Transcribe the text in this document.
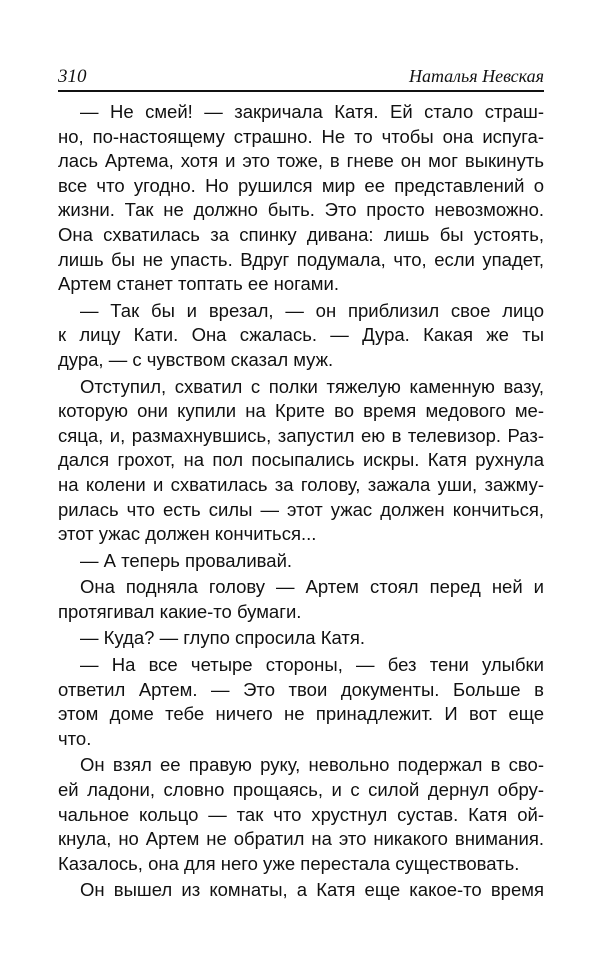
310	Наталья Невская
— Не смей! — закричала Катя. Ей стало страш-
но, по-настоящему страшно. Не то чтобы она испуга-
лась Артема, хотя и это тоже, в гневе он мог выкинуть
все что угодно. Но рушился мир ее представлений о
жизни. Так не должно быть. Это просто невозможно.
Она схватилась за спинку дивана: лишь бы устоять,
лишь бы не упасть. Вдруг подумала, что, если упадет,
Артем станет топтать ее ногами.
— Так бы и врезал, — он приблизил свое лицо
к лицу Кати. Она сжалась. — Дура. Какая же ты
дура, — с чувством сказал муж.
Отступил, схватил с полки тяжелую каменную вазу,
которую они купили на Крите во время медового ме-
сяца, и, размахнувшись, запустил ею в телевизор. Раз-
дался грохот, на пол посыпались искры. Катя рухнула
на колени и схватилась за голову, зажала уши, зажму-
рилась что есть силы — этот ужас должен кончиться,
этот ужас должен кончиться...
— А теперь проваливай.
Она подняла голову — Артем стоял перед ней и
протягивал какие-то бумаги.
— Куда? — глупо спросила Катя.
— На все четыре стороны, — без тени улыбки
ответил Артем. — Это твои документы. Больше в
этом доме тебе ничего не принадлежит. И вот еще
что.
Он взял ее правую руку, невольно подержал в сво-
ей ладони, словно прощаясь, и с силой дернул обру-
чальное кольцо — так что хрустнул сустав. Катя ой-
кнула, но Артем не обратил на это никакого внимания.
Казалось, она для него уже перестала существовать.
Он вышел из комнаты, а Катя еще какое-то время
